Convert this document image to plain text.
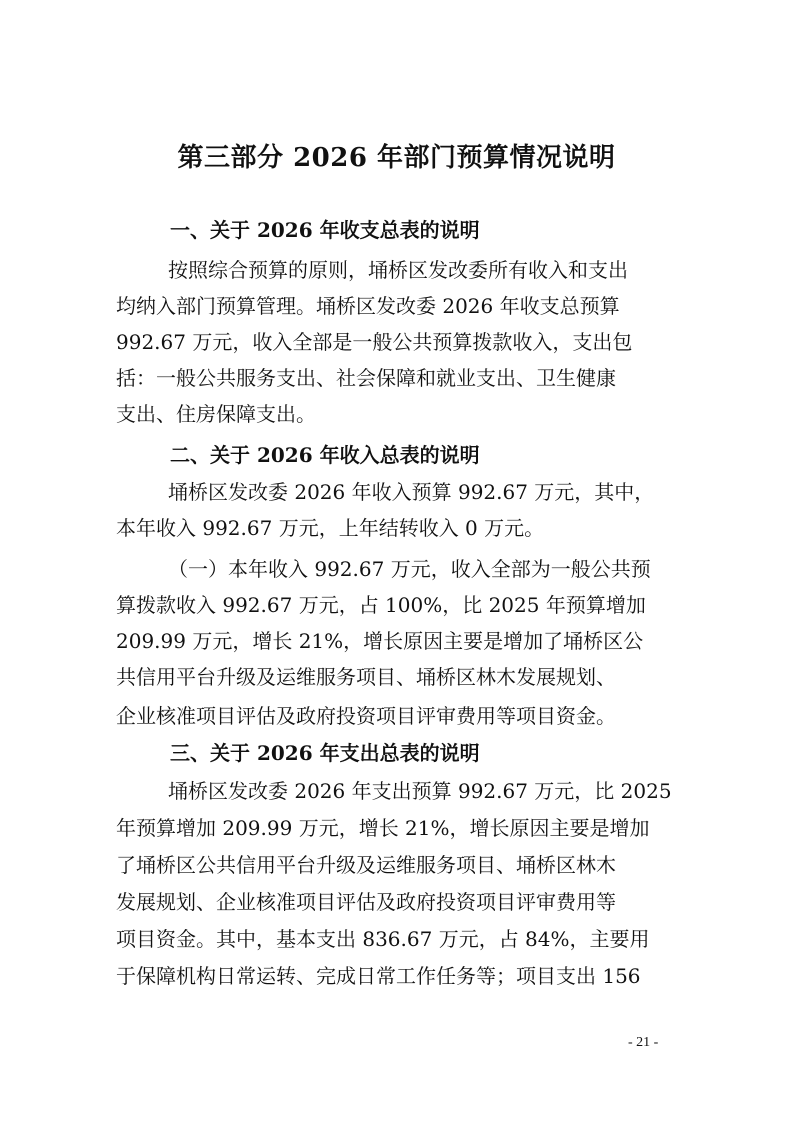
第三部分 2026 年部门预算情况说明
一、关于 2026 年收支总表的说明
按照综合预算的原则，埇桥区发改委所有收入和支出
均纳入部门预算管理。埇桥区发改委 2026 年收支总预算
992.67 万元，收入全部是一般公共预算拨款收入，支出包
括：一般公共服务支出、社会保障和就业支出、卫生健康
支出、住房保障支出。
二、关于 2026 年收入总表的说明
埇桥区发改委 2026 年收入预算 992.67 万元，其中，
本年收入 992.67 万元，上年结转收入 0 万元。
（一）本年收入 992.67 万元，收入全部为一般公共预
算拨款收入 992.67 万元，占 100%，比 2025 年预算增加
209.99 万元，增长 21%，增长原因主要是增加了埇桥区公
共信用平台升级及运维服务项目、埇桥区林木发展规划、
企业核准项目评估及政府投资项目评审费用等项目资金。
三、关于 2026 年支出总表的说明
埇桥区发改委 2026 年支出预算 992.67 万元，比 2025
年预算增加 209.99 万元，增长 21%，增长原因主要是增加
了埇桥区公共信用平台升级及运维服务项目、埇桥区林木
发展规划、企业核准项目评估及政府投资项目评审费用等
项目资金。其中，基本支出 836.67 万元，占 84%，主要用
于保障机构日常运转、完成日常工作任务等；项目支出 156
- 21 -
